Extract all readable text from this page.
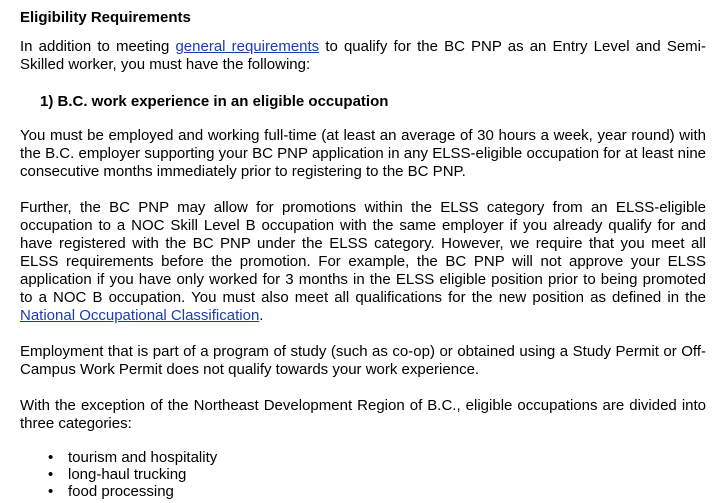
Eligibility Requirements

In addition to meeting general requirements to qualify for the BC PNP as an Entry Level and Semi-Skilled worker, you must have the following:

1) B.C. work experience in an eligible occupation

You must be employed and working full-time (at least an average of 30 hours a week, year round) with the B.C. employer supporting your BC PNP application in any ELSS-eligible occupation for at least nine consecutive months immediately prior to registering to the BC PNP.

Further, the BC PNP may allow for promotions within the ELSS category from an ELSS-eligible occupation to a NOC Skill Level B occupation with the same employer if you already qualify for and have registered with the BC PNP under the ELSS category. However, we require that you meet all ELSS requirements before the promotion. For example, the BC PNP will not approve your ELSS application if you have only worked for 3 months in the ELSS eligible position prior to being promoted to a NOC B occupation. You must also meet all qualifications for the new position as defined in the National Occupational Classification.

Employment that is part of a program of study (such as co-op) or obtained using a Study Permit or Off-Campus Work Permit does not qualify towards your work experience.

With the exception of the Northeast Development Region of B.C., eligible occupations are divided into three categories:

• tourism and hospitality
• long-haul trucking
• food processing
